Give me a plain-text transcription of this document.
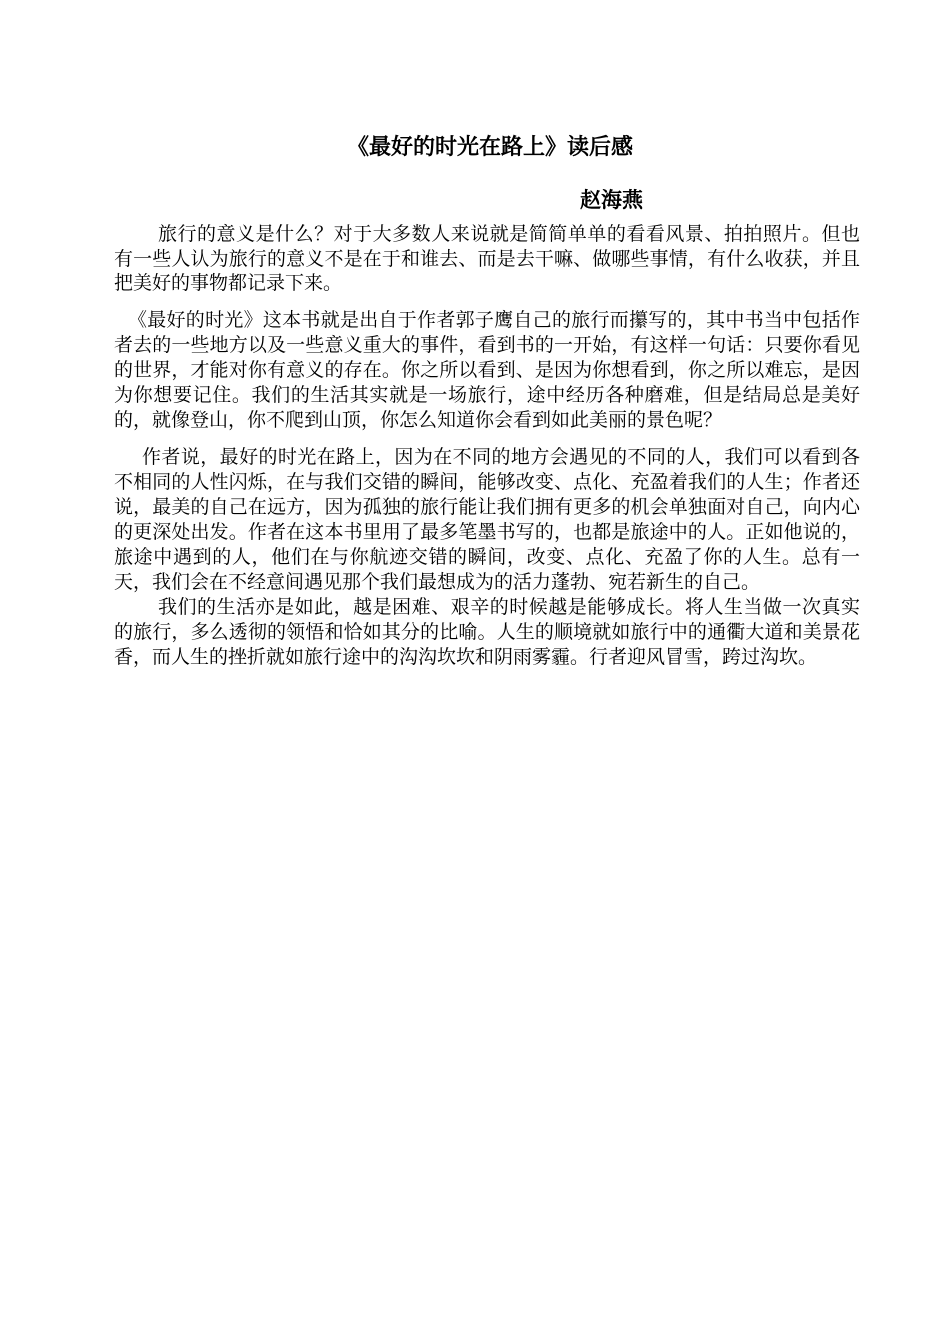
《最好的时光在路上》读后感
赵海燕

旅行的意义是什么？对于大多数人来说就是简简单单的看看风景、拍拍照片。但也有一些人认为旅行的意义不是在于和谁去、而是去干嘛、做哪些事情，有什么收获，并且把美好的事物都记录下来。

《最好的时光》这本书就是出自于作者郭子鹰自己的旅行而攥写的，其中书当中包括作者去的一些地方以及一些意义重大的事件，看到书的一开始，有这样一句话：只要你看见的世界，才能对你有意义的存在。你之所以看到、是因为你想看到，你之所以难忘，是因为你想要记住。我们的生活其实就是一场旅行，途中经历各种磨难，但是结局总是美好的，就像登山，你不爬到山顶，你怎么知道你会看到如此美丽的景色呢？

作者说，最好的时光在路上，因为在不同的地方会遇见的不同的人，我们可以看到各不相同的人性闪烁，在与我们交错的瞬间，能够改变、点化、充盈着我们的人生；作者还说，最美的自己在远方，因为孤独的旅行能让我们拥有更多的机会单独面对自己，向内心的更深处出发。作者在这本书里用了最多笔墨书写的，也都是旅途中的人。正如他说的，旅途中遇到的人，他们在与你航迹交错的瞬间，改变、点化、充盈了你的人生。总有一天，我们会在不经意间遇见那个我们最想成为的活力蓬勃、宛若新生的自己。

我们的生活亦是如此，越是困难、艰辛的时候越是能够成长。将人生当做一次真实的旅行，多么透彻的领悟和恰如其分的比喻。人生的顺境就如旅行中的通衢大道和美景花香，而人生的挫折就如旅行途中的沟沟坎坎和阴雨雾霾。行者迎风冒雪，跨过沟坎。
